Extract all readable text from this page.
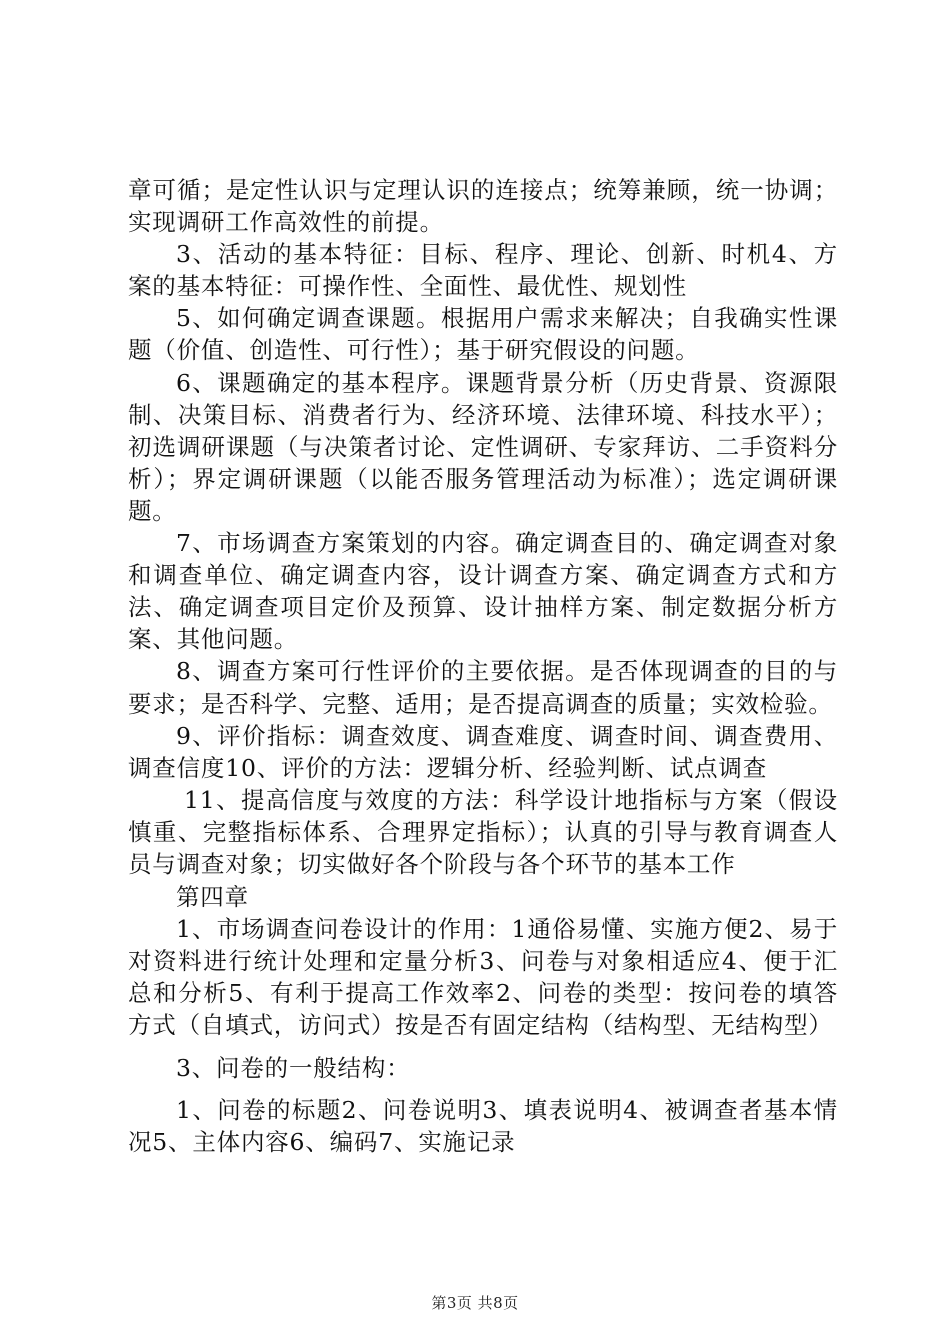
章可循；是定性认识与定理认识的连接点；统筹兼顾，统一协调；实现调研工作高效性的前提。

3、活动的基本特征：目标、程序、理论、创新、时机4、方案的基本特征：可操作性、全面性、最优性、规划性

5、如何确定调查课题。根据用户需求来解决；自我确实性课题（价值、创造性、可行性）；基于研究假设的问题。

6、课题确定的基本程序。课题背景分析（历史背景、资源限制、决策目标、消费者行为、经济环境、法律环境、科技水平）；初选调研课题（与决策者讨论、定性调研、专家拜访、二手资料分析）；界定调研课题（以能否服务管理活动为标准）；选定调研课题。

7、市场调查方案策划的内容。确定调查目的、确定调查对象和调查单位、确定调查内容，设计调查方案、确定调查方式和方法、确定调查项目定价及预算、设计抽样方案、制定数据分析方案、其他问题。

8、调查方案可行性评价的主要依据。是否体现调查的目的与要求；是否科学、完整、适用；是否提高调查的质量；实效检验。

9、评价指标：调查效度、调查难度、调查时间、调查费用、调查信度10、评价的方法：逻辑分析、经验判断、试点调查

11、提高信度与效度的方法：科学设计地指标与方案（假设慎重、完整指标体系、合理界定指标）；认真的引导与教育调查人员与调查对象；切实做好各个阶段与各个环节的基本工作

第四章

1、市场调查问卷设计的作用：1通俗易懂、实施方便2、易于对资料进行统计处理和定量分析3、问卷与对象相适应4、便于汇总和分析5、有利于提高工作效率2、问卷的类型：按问卷的填答方式（自填式，访问式）按是否有固定结构（结构型、无结构型）

3、问卷的一般结构：

1、问卷的标题2、问卷说明3、填表说明4、被调查者基本情况5、主体内容6、编码7、实施记录

第3页 共8页
